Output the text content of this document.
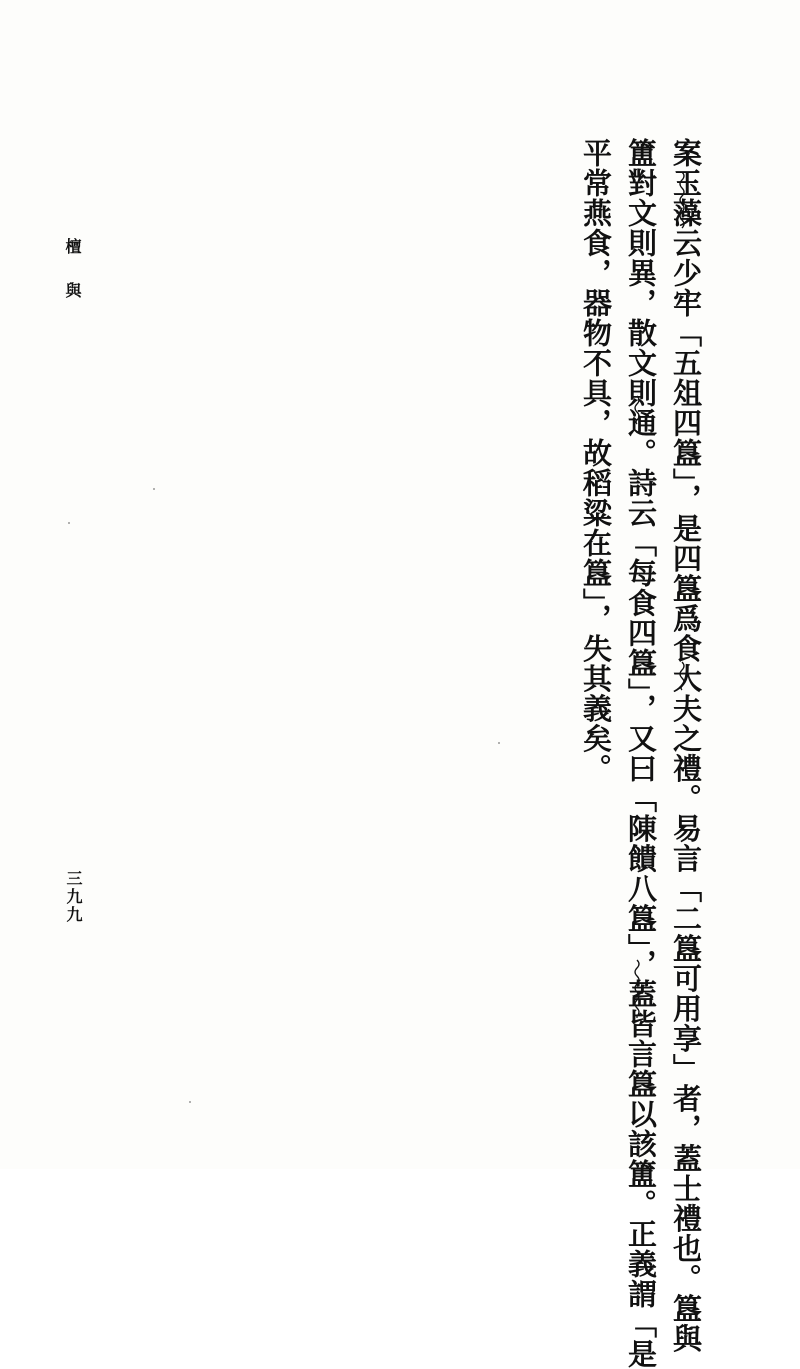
案玉藻云少牢「五俎四簋」，是四簋爲食大夫之禮。易言「二簋可用享」者，蓋士禮也。簋與
簠對文則異，散文則通。詩云「每食四簋」，又曰「陳饋八簋」，蓋皆言簋以該簠。正義謂「是
平常燕食，器物不具，故稻粱在簋」，失其義矣。
檀與
三九九
